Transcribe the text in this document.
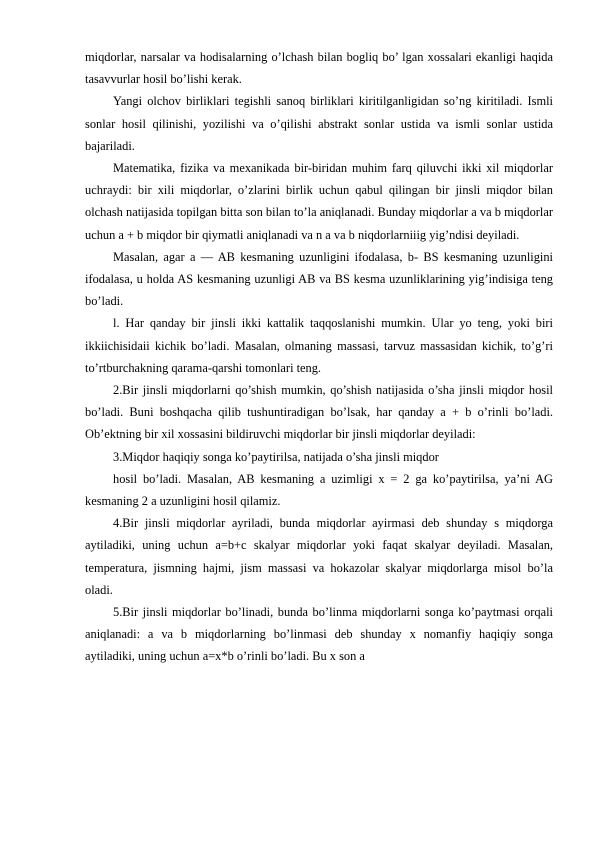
miqdorlar, narsalar va hodisalarning o’lchash bilan bogliq bo’ lgan xossalari ekanligi haqida tasavvurlar hosil bo’lishi kerak.

Yangi olchov birliklari tegishli sanoq birliklari kiritilganligidan so’ng kiritiladi. Ismli sonlar hosil qilinishi, yozilishi va o’qilishi abstrakt sonlar ustida va ismli sonlar ustida bajariladi.

Matematika, fizika va mexanikada bir-biridan muhim farq qiluvchi ikki xil miqdorlar uchraydi: bir xili miqdorlar, o’zlarini birlik uchun qabul qilingan bir jinsli miqdor bilan olchash natijasida topilgan bitta son bilan to’la aniqlanadi. Bunday miqdorlar a va b miqdorlar uchun a + b miqdor bir qiymatli aniqlanadi va n a va b niqdorlarniiig yig’ndisi deyiladi.

Masalan, agar a — AB kesmaning uzunligini ifodalasa, b- BS kesmaning uzunligini ifodalasa, u holda AS kesmaning uzunligi AB va BS kesma uzunliklarining yig’indisiga teng bo’ladi.

l. Har qanday bir jinsli ikki kattalik taqqoslanishi mumkin. Ular yo teng, yoki biri ikkiichisidaii kichik bo’ladi. Masalan, olmaning massasi, tarvuz massasidan kichik, to’g’ri to’rtburchakning qarama-qarshi tomonlari teng.

2.Bir jinsli miqdorlarni qo’shish mumkin, qo’shish natijasida o’sha jinsli miqdor hosil bo’ladi. Buni boshqacha qilib tushuntiradigan bo’lsak, har qanday a + b o’rinli bo’ladi. Ob’ektning bir xil xossasini bildiruvchi miqdorlar bir jinsli miqdorlar deyiladi:

3.Miqdor haqiqiy songa ko’paytirilsa, natijada o’sha jinsli miqdor

hosil bo’ladi. Masalan, AB kesmaning a uzimligi x = 2 ga ko’paytirilsa, ya’ni AG kesmaning 2 a uzunligini hosil qilamiz.

4.Bir jinsli miqdorlar ayriladi, bunda miqdorlar ayirmasi deb shunday s miqdorga aytiladiki, uning uchun a=b+c skalyar miqdorlar yoki faqat skalyar deyiladi. Masalan, temperatura, jismning hajmi, jism massasi va hokazolar skalyar miqdorlarga misol bo’la oladi.

5.Bir jinsli miqdorlar bo’linadi, bunda bo’linma miqdorlarni songa ko’paytmasi orqali aniqlanadi: a va b miqdorlarning bo’linmasi deb shunday x nomanfiy haqiqiy songa aytiladiki, uning uchun a=x*b o’rinli bo’ladi. Bu x son a
